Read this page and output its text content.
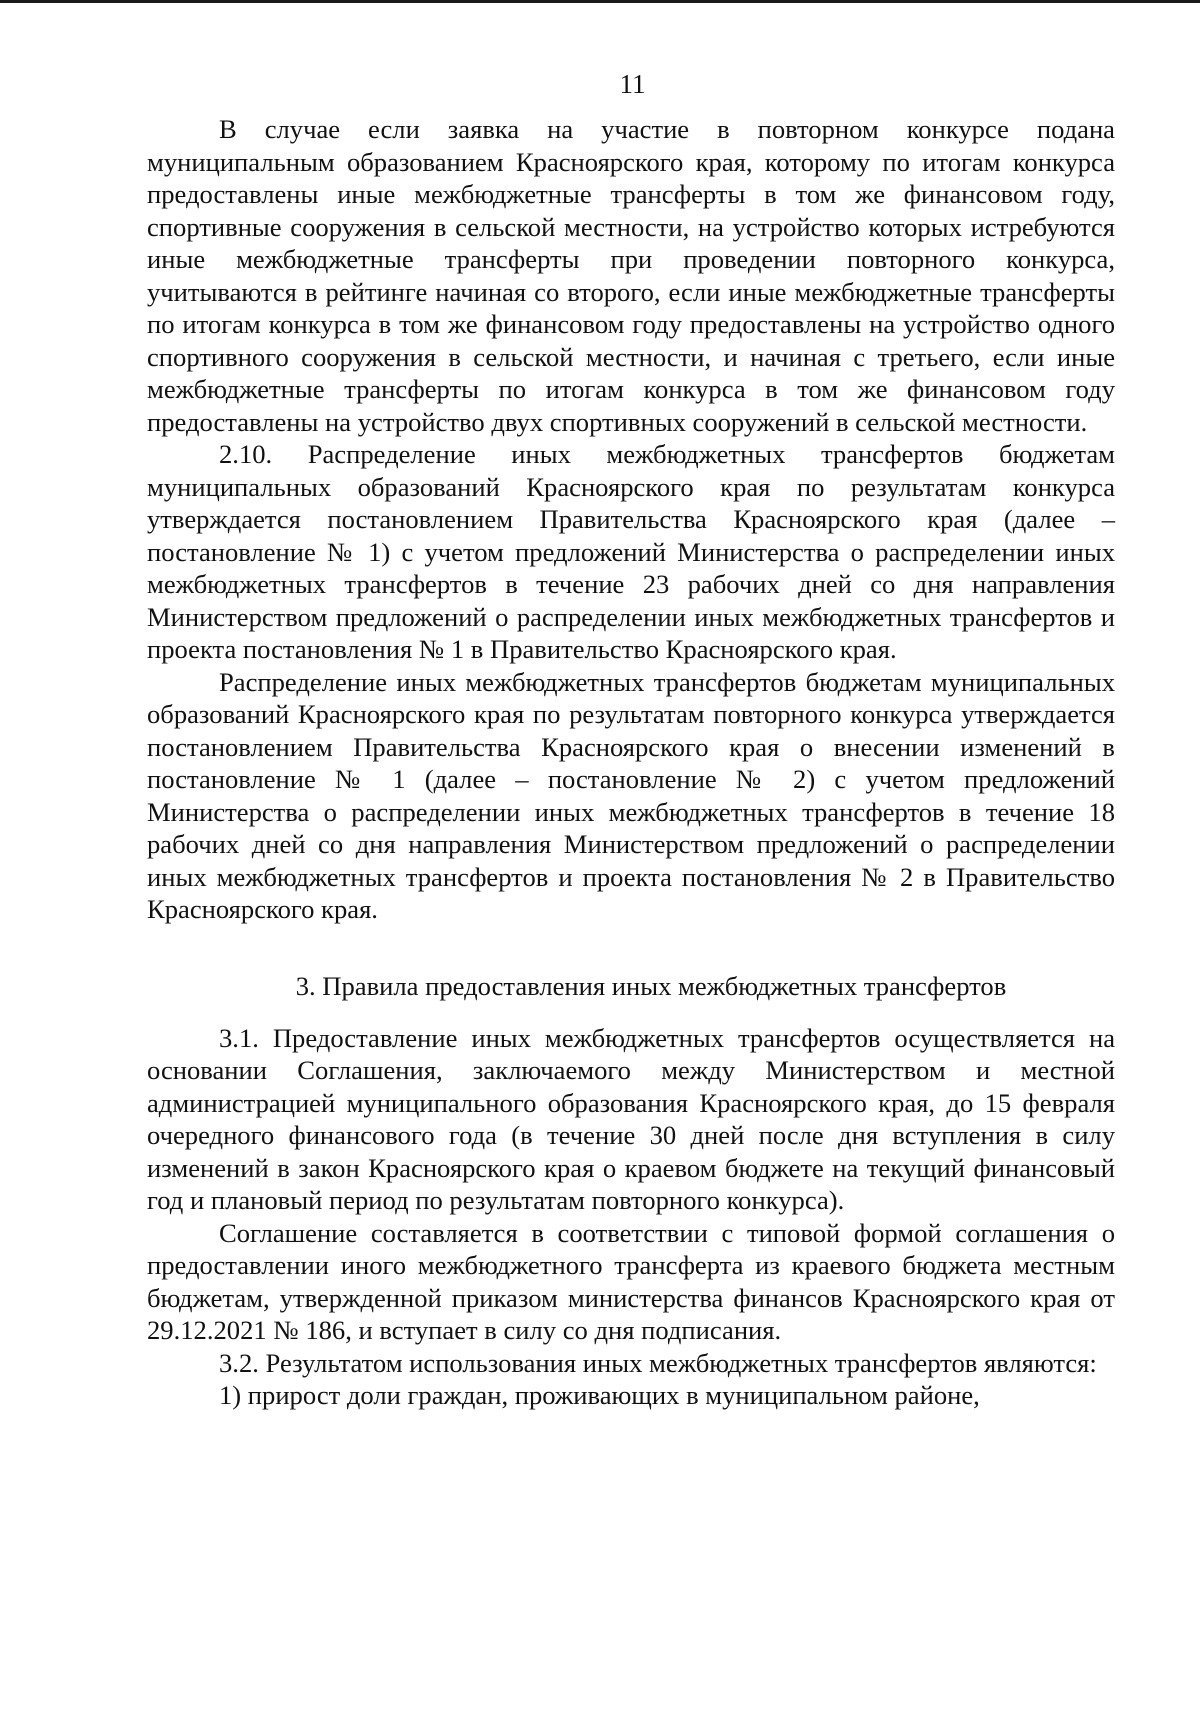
11

В случае если заявка на участие в повторном конкурсе подана муниципальным образованием Красноярского края, которому по итогам конкурса предоставлены иные межбюджетные трансферты в том же финансовом году, спортивные сооружения в сельской местности, на устройство которых истребуются иные межбюджетные трансферты при проведении повторного конкурса, учитываются в рейтинге начиная со второго, если иные межбюджетные трансферты по итогам конкурса в том же финансовом году предоставлены на устройство одного спортивного сооружения в сельской местности, и начиная с третьего, если иные межбюджетные трансферты по итогам конкурса в том же финансовом году предоставлены на устройство двух спортивных сооружений в сельской местности.

2.10. Распределение иных межбюджетных трансфертов бюджетам муниципальных образований Красноярского края по результатам конкурса утверждается постановлением Правительства Красноярского края (далее – постановление № 1) с учетом предложений Министерства о распределении иных межбюджетных трансфертов в течение 23 рабочих дней со дня направления Министерством предложений о распределении иных межбюджетных трансфертов и проекта постановления № 1 в Правительство Красноярского края.

Распределение иных межбюджетных трансфертов бюджетам муниципальных образований Красноярского края по результатам повторного конкурса утверждается постановлением Правительства Красноярского края о внесении изменений в постановление № 1 (далее – постановление № 2) с учетом предложений Министерства о распределении иных межбюджетных трансфертов в течение 18 рабочих дней со дня направления Министерством предложений о распределении иных межбюджетных трансфертов и проекта постановления № 2 в Правительство Красноярского края.

3. Правила предоставления иных межбюджетных трансфертов

3.1. Предоставление иных межбюджетных трансфертов осуществляется на основании Соглашения, заключаемого между Министерством и местной администрацией муниципального образования Красноярского края, до 15 февраля очередного финансового года (в течение 30 дней после дня вступления в силу изменений в закон Красноярского края о краевом бюджете на текущий финансовый год и плановый период по результатам повторного конкурса).

Соглашение составляется в соответствии с типовой формой соглашения о предоставлении иного межбюджетного трансферта из краевого бюджета местным бюджетам, утвержденной приказом министерства финансов Красноярского края от 29.12.2021 № 186, и вступает в силу со дня подписания.

3.2. Результатом использования иных межбюджетных трансфертов являются:

1) прирост доли граждан, проживающих в муниципальном районе,
